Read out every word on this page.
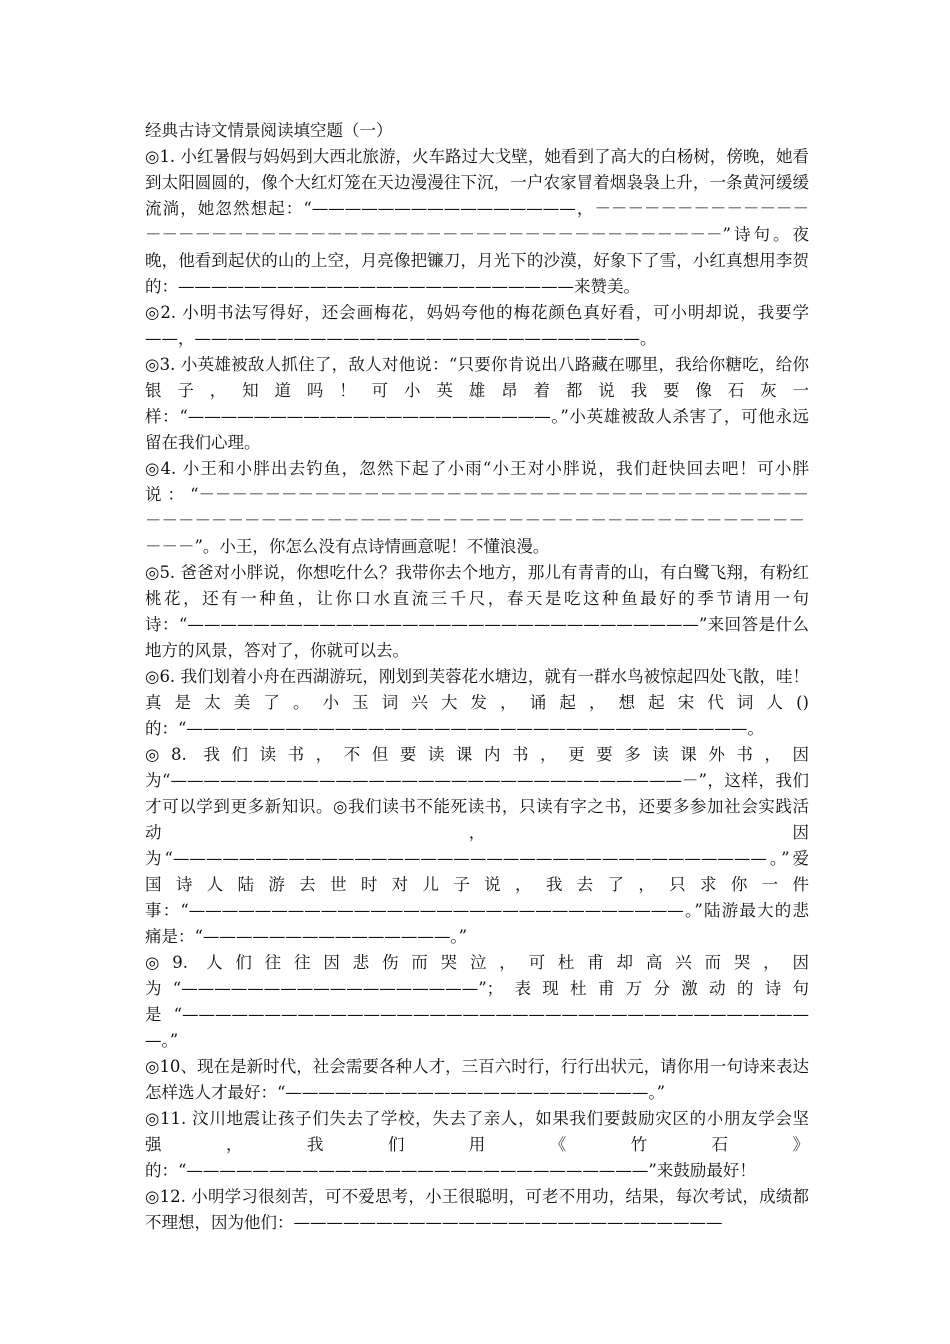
经典古诗文情景阅读填空题（一）

◎1. 小红暑假与妈妈到大西北旅游，火车路过大戈壁，她看到了高大的白杨树，傍晚，她看到太阳圆圆的，像个大红灯笼在天边漫漫往下沉，一户农家冒着烟袅袅上升，一条黄河缓缓流淌，她忽然想起：“————————————————，－－－－－－－－－－－－－－－－－－－－－－－－－－－－－－－－－－－－－－－－－－－－－－－－”诗句。夜晚，他看到起伏的山的上空，月亮像把镰刀，月光下的沙漠，好象下了雪，小红真想用李贺的：————————————————————————来赞美。

◎2. 小明书法写得好，还会画梅花，妈妈夸他的梅花颜色真好看，可小明却说，我要学——，———————————————————————————。

◎3. 小英雄被敌人抓住了，敌人对他说：“只要你肯说出八路藏在哪里，我给你糖吃，给你银子，知道吗！可小英雄昂着都说我要像石灰一样：“——————————————————————。”小英雄被敌人杀害了，可他永远留在我们心理。

◎4. 小王和小胖出去钓鱼，忽然下起了小雨“小王对小胖说，我们赶快回去吧！可小胖说：“－－－－－－－－－－－－－－－－－－－－－－－－－－－－－－－－－－－－－－－－－－－－－－－－－－－－－－－－－－－－－－－－－－－－－－－－－－－－－－－－”。小王，你怎么没有点诗情画意呢！不懂浪漫。

◎5. 爸爸对小胖说，你想吃什么？我带你去个地方，那儿有青青的山，有白鹭飞翔，有粉红桃花，还有一种鱼，让你口水直流三千尺，春天是吃这种鱼最好的季节请用一句诗：“———————————————————————————————”来回答是什么地方的风景，答对了，你就可以去。

◎6. 我们划着小舟在西湖游玩，刚划到芙蓉花水塘边，就有一群水鸟被惊起四处飞散，哇！真是太美了。小玉词兴大发，诵起，想起宋代词人()的：“——————————————————————————————————。

◎8. 我们读书，不但要读课内书，更要多读课外书，因为“———————————————————————————————－”，这样，我们才可以学到更多新知识。◎我们读书不能死读书，只读有字之书，还要多参加社会实践活动，因为“————————————————————————————————————。”爱国诗人陆游去世时对儿子说，我去了，只求你一件事：“——————————————————————————————。”陆游最大的悲痛是：“———————————————。”

◎9. 人们往往因悲伤而哭泣，可杜甫却高兴而哭，因为“——————————————————”；表现杜甫万分激动的诗句是“———————————————————————————————————————。”

◎10、现在是新时代，社会需要各种人才，三百六时行，行行出状元，请你用一句诗来表达怎样选人才最好：“——————————————————————。”

◎11. 汶川地震让孩子们失去了学校，失去了亲人，如果我们要鼓励灾区的小朋友学会坚强，我们用《竹石》的：“————————————————————————————”来鼓励最好！

◎12. 小明学习很刻苦，可不爱思考，小王很聪明，可老不用功，结果，每次考试，成绩都不理想，因为他们：——————————————————————————
